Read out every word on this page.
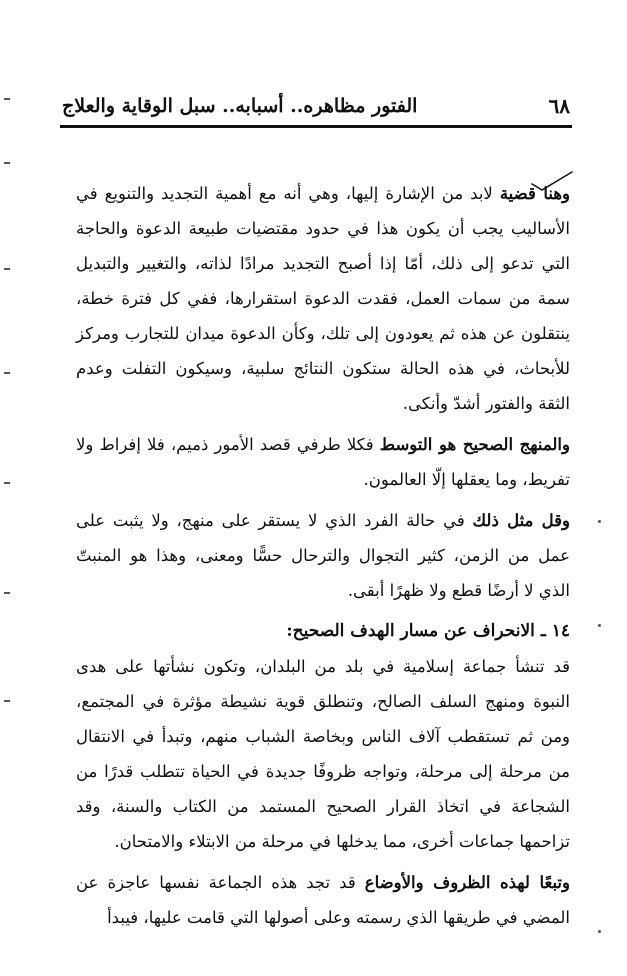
٦٨
الفتور مظاهره.. أسبابه.. سبل الوقاية والعلاج

وهنا قضية لابد من الإشارة إليها، وهي أنه مع أهمية التجديد والتنويع في الأساليب يجب أن يكون هذا في حدود مقتضيات طبيعة الدعوة والحاجة التي تدعو إلى ذلك، أمّا إذا أصبح التجديد مرادًا لذاته، والتغيير والتبديل سمة من سمات العمل، فقدت الدعوة استقرارها، ففي كل فترة خطة، ينتقلون عن هذه ثم يعودون إلى تلك، وكأن الدعوة ميدان للتجارب ومركز للأبحاث، في هذه الحالة ستكون النتائج سلبية، وسيكون التفلت وعدم الثقة والفتور أشدّ وأنكى.

والمنهج الصحيح هو التوسط فكلا طرفي قصد الأمور ذميم، فلا إفراط ولا تفريط، وما يعقلها إلّا العالمون.

وقل مثل ذلك في حالة الفرد الذي لا يستقر على منهج، ولا يثبت على عمل من الزمن، كثير التجوال والترحال حسًّا ومعنى، وهذا هو المنبتّ الذي لا أرضًا قطع ولا ظهرًا أبقى.

١٤ ـ الانحراف عن مسار الهدف الصحيح:

قد تنشأ جماعة إسلامية في بلد من البلدان، وتكون نشأتها على هدى النبوة ومنهج السلف الصالح، وتنطلق قوية نشيطة مؤثرة في المجتمع، ومن ثم تستقطب آلاف الناس وبخاصة الشباب منهم، وتبدأ في الانتقال من مرحلة إلى مرحلة، وتواجه ظروفًا جديدة في الحياة تتطلب قدرًا من الشجاعة في اتخاذ القرار الصحيح المستمد من الكتاب والسنة، وقد تزاحمها جماعات أخرى، مما يدخلها في مرحلة من الابتلاء والامتحان.

وتبعًا لهذه الظروف والأوضاع قد تجد هذه الجماعة نفسها عاجزة عن المضي في طريقها الذي رسمته وعلى أصولها التي قامت عليها، فيبدأ
